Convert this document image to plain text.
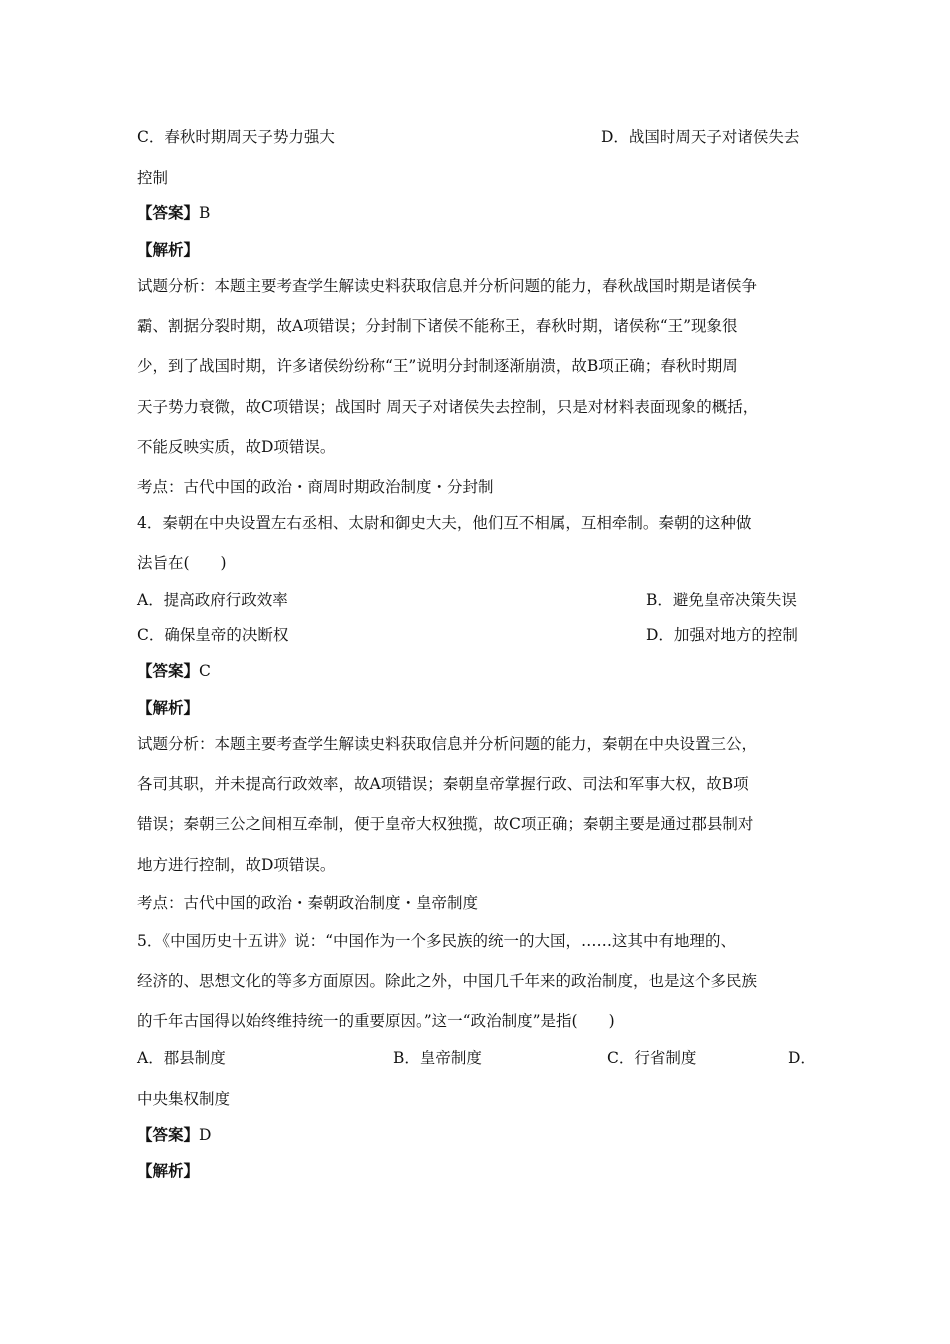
C．春秋时期周天子势力强大	D．战国时周天子对诸侯失去
控制
【答案】B
【解析】
试题分析：本题主要考查学生解读史料获取信息并分析问题的能力，春秋战国时期是诸侯争
霸、割据分裂时期，故A项错误；分封制下诸侯不能称王，春秋时期，诸侯称“王”现象很
少，到了战国时期，许多诸侯纷纷称“王”说明分封制逐渐崩溃，故B项正确；春秋时期周
天子势力衰微，故C项错误；战国时 周天子对诸侯失去控制，只是对材料表面现象的概括，
不能反映实质，故D项错误。
考点：古代中国的政治・商周时期政治制度・分封制
4．秦朝在中央设置左右丞相、太尉和御史大夫，他们互不相属，互相牵制。秦朝的这种做
法旨在(　　)
A．提高政府行政效率	B．避免皇帝决策失误
C．确保皇帝的决断权	D．加强对地方的控制
【答案】C
【解析】
试题分析：本题主要考查学生解读史料获取信息并分析问题的能力，秦朝在中央设置三公，
各司其职，并未提高行政效率，故A项错误；秦朝皇帝掌握行政、司法和军事大权，故B项
错误；秦朝三公之间相互牵制，便于皇帝大权独揽，故C项正确；秦朝主要是通过郡县制对
地方进行控制，故D项错误。
考点：古代中国的政治・秦朝政治制度・皇帝制度
5．《中国历史十五讲》说：“中国作为一个多民族的统一的大国，……这其中有地理的、
经济的、思想文化的等多方面原因。除此之外，中国几千年来的政治制度，也是这个多民族
的千年古国得以始终维持统一的重要原因。”这一“政治制度”是指(　　)
A．郡县制度	B．皇帝制度	C．行省制度	D．
中央集权制度
【答案】D
【解析】
